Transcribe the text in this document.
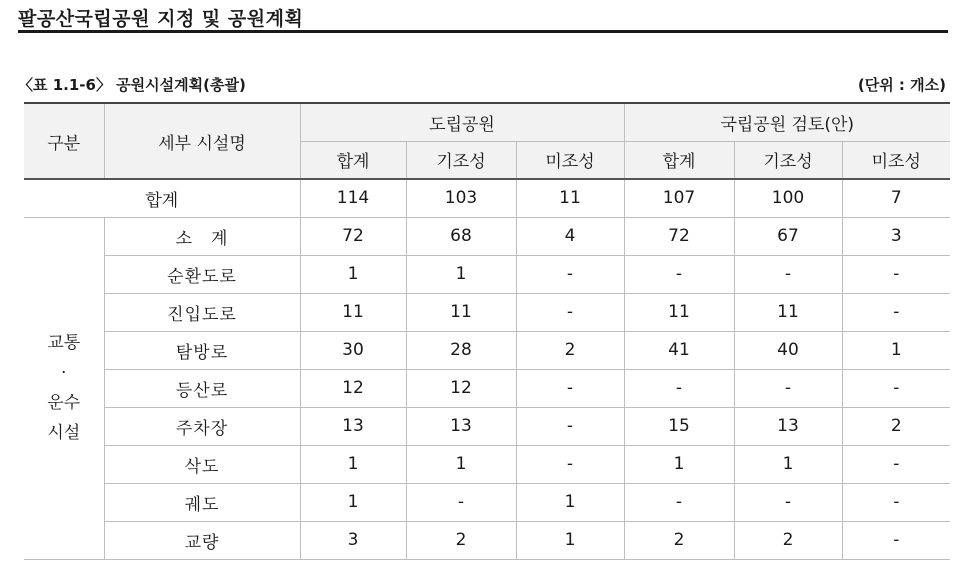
팔공산국립공원 지정 및 공원계획
〈표 1.1-6〉 공원시설계획(총괄)	(단위 : 개소)
구분	세부 시설명	도립공원			국립공원 검토(안)		
		합계	기조성	미조성	합계	기조성	미조성
합계		114	103	11	107	100	7

교통
·
운수
시설	소　계	72	68	4	72	67	3
	순환도로	1	1	-	-	-	-
	진입도로	11	11	-	11	11	-
	탐방로	30	28	2	41	40	1
	등산로	12	12	-	-	-	-
	주차장	13	13	-	15	13	2
	삭도	1	1	-	1	1	-
	궤도	1	-	1	-	-	-
	교량	3	2	1	2	2	-
